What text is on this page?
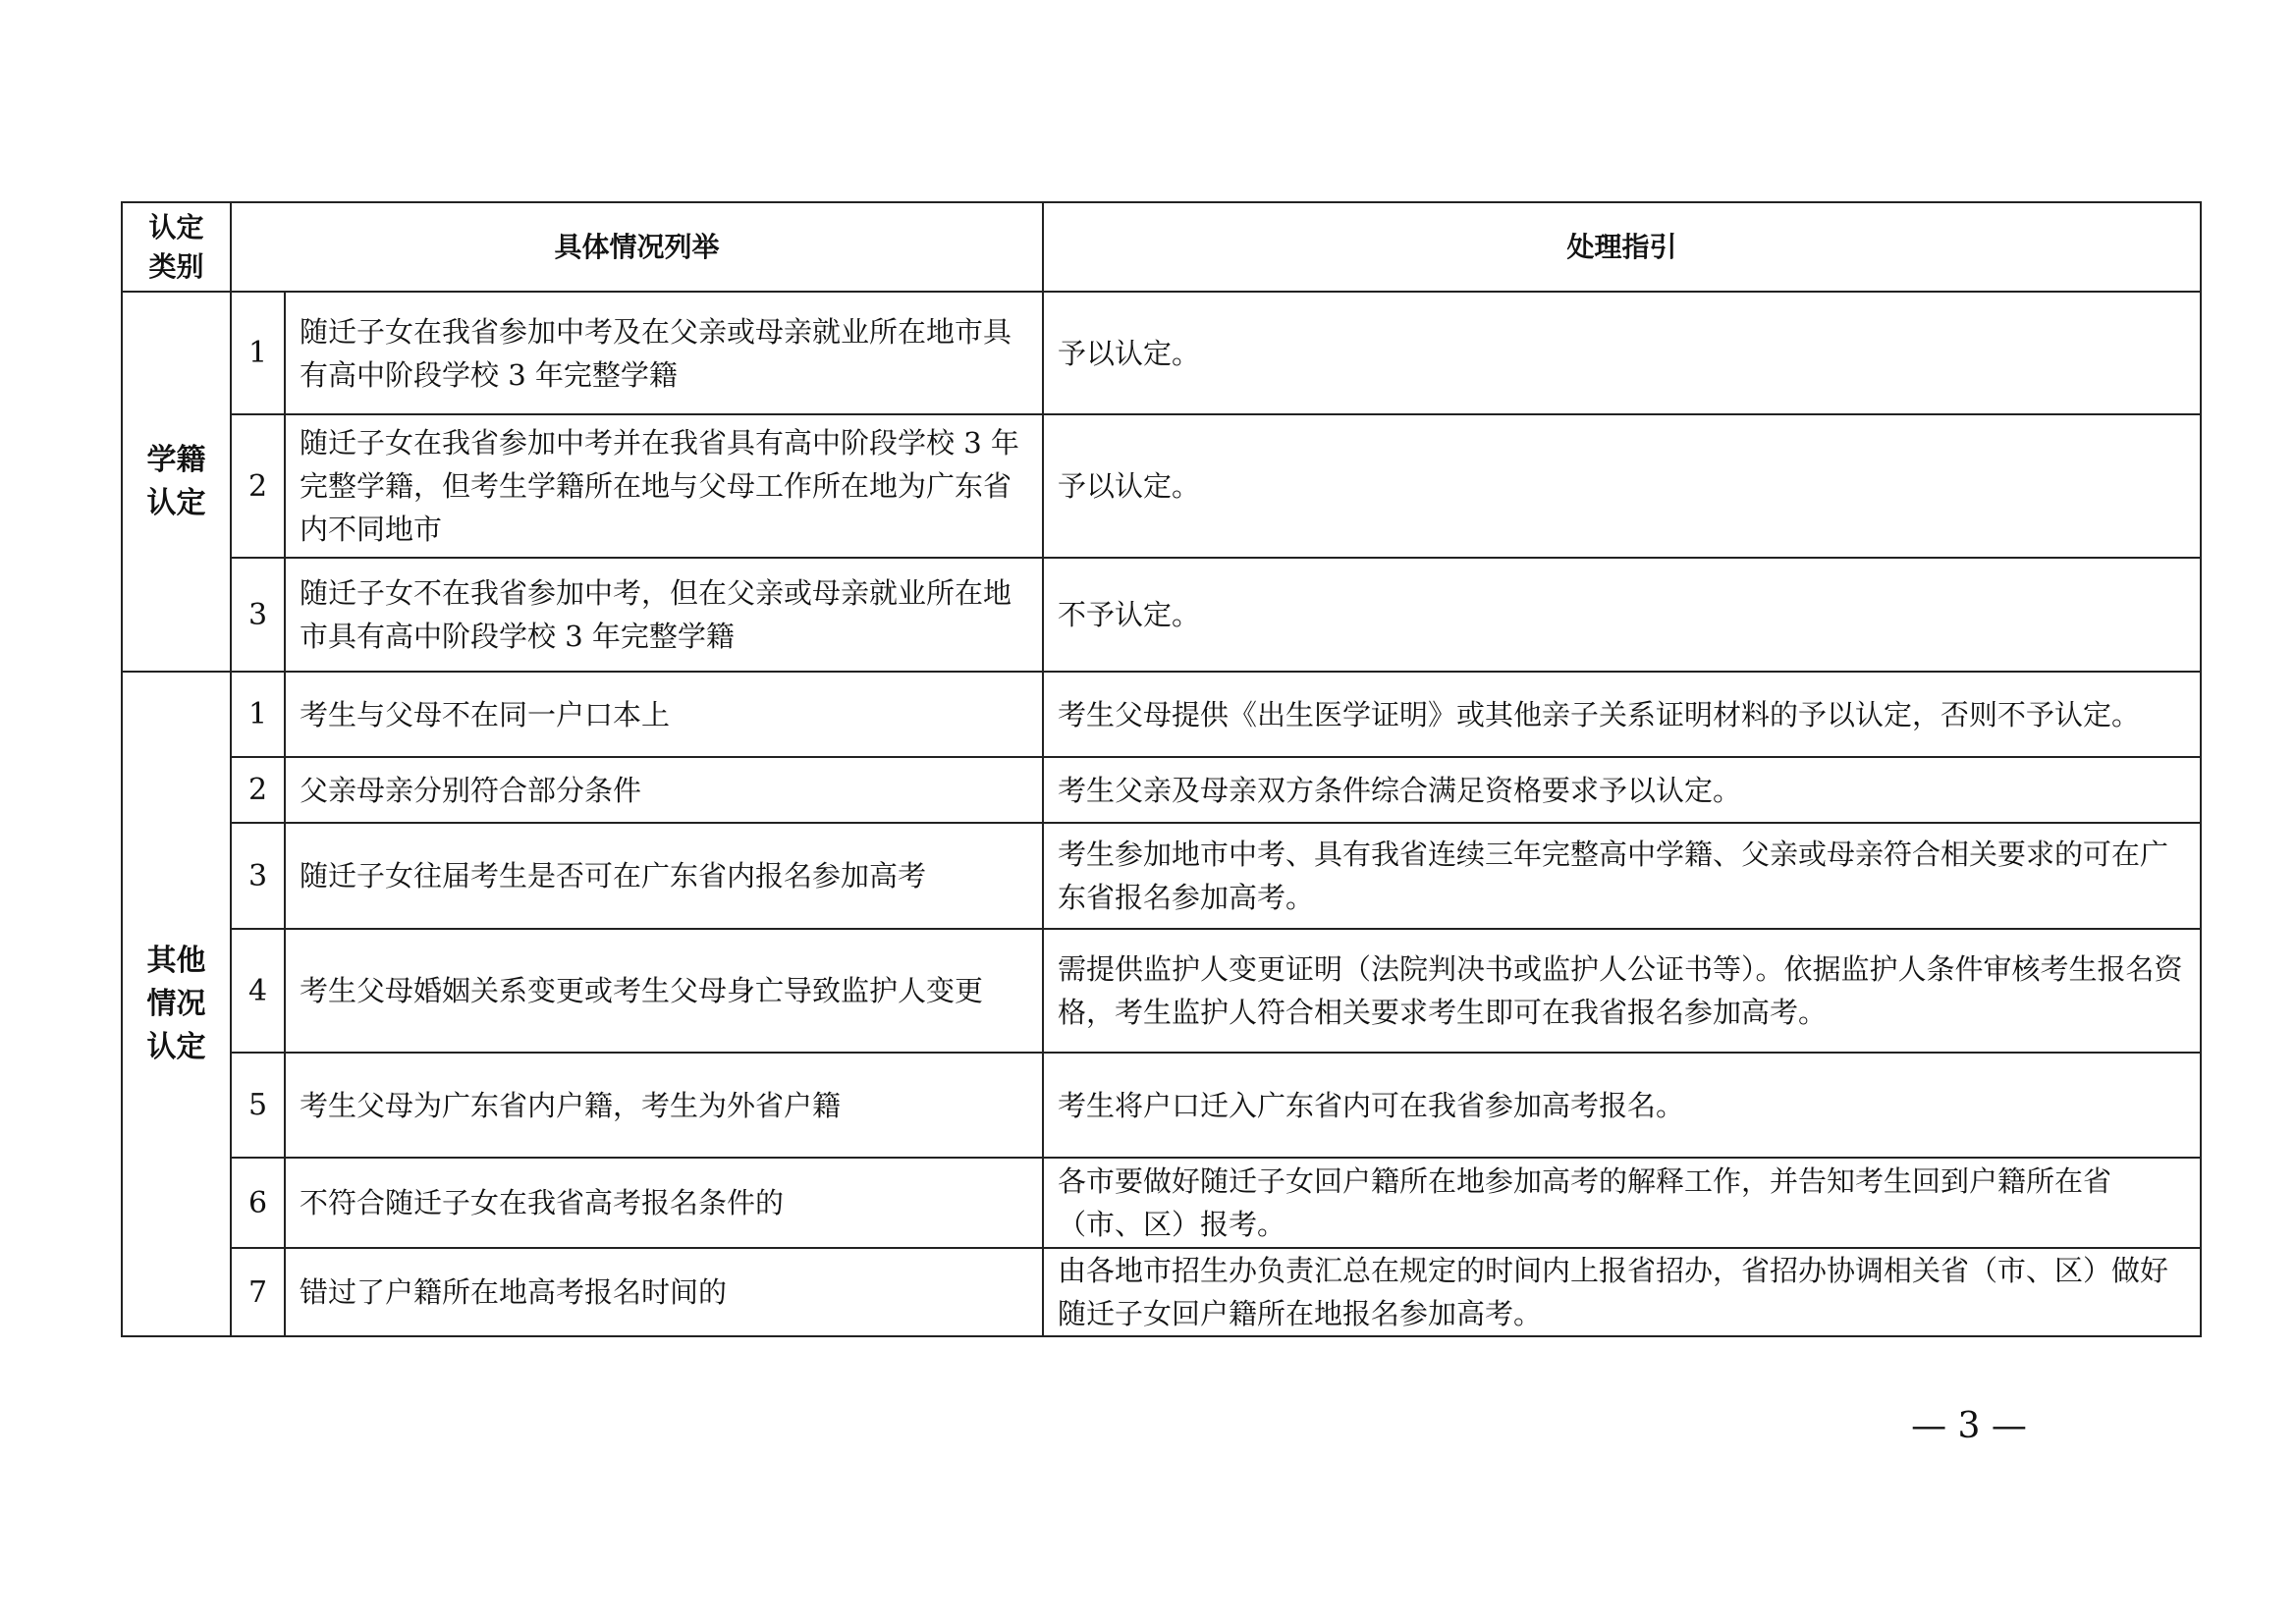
认定类别	具体情况列举		处理指引
学籍认定	1	随迁子女在我省参加中考及在父亲或母亲就业所在地市具有高中阶段学校 3 年完整学籍	予以认定。
	2	随迁子女在我省参加中考并在我省具有高中阶段学校 3 年完整学籍，但考生学籍所在地与父母工作所在地为广东省内不同地市	予以认定。
	3	随迁子女不在我省参加中考，但在父亲或母亲就业所在地市具有高中阶段学校 3 年完整学籍	不予认定。
其他情况认定	1	考生与父母不在同一户口本上	考生父母提供《出生医学证明》或其他亲子关系证明材料的予以认定，否则不予认定。
	2	父亲母亲分别符合部分条件	考生父亲及母亲双方条件综合满足资格要求予以认定。
	3	随迁子女往届考生是否可在广东省内报名参加高考	考生参加地市中考、具有我省连续三年完整高中学籍、父亲或母亲符合相关要求的可在广东省报名参加高考。
	4	考生父母婚姻关系变更或考生父母身亡导致监护人变更	需提供监护人变更证明（法院判决书或监护人公证书等）。依据监护人条件审核考生报名资格，考生监护人符合相关要求考生即可在我省报名参加高考。
	5	考生父母为广东省内户籍，考生为外省户籍	考生将户口迁入广东省内可在我省参加高考报名。
	6	不符合随迁子女在我省高考报名条件的	各市要做好随迁子女回户籍所在地参加高考的解释工作，并告知考生回到户籍所在省（市、区）报考。
	7	错过了户籍所在地高考报名时间的	由各地市招生办负责汇总在规定的时间内上报省招办，省招办协调相关省（市、区）做好随迁子女回户籍所在地报名参加高考。
— 3 —
